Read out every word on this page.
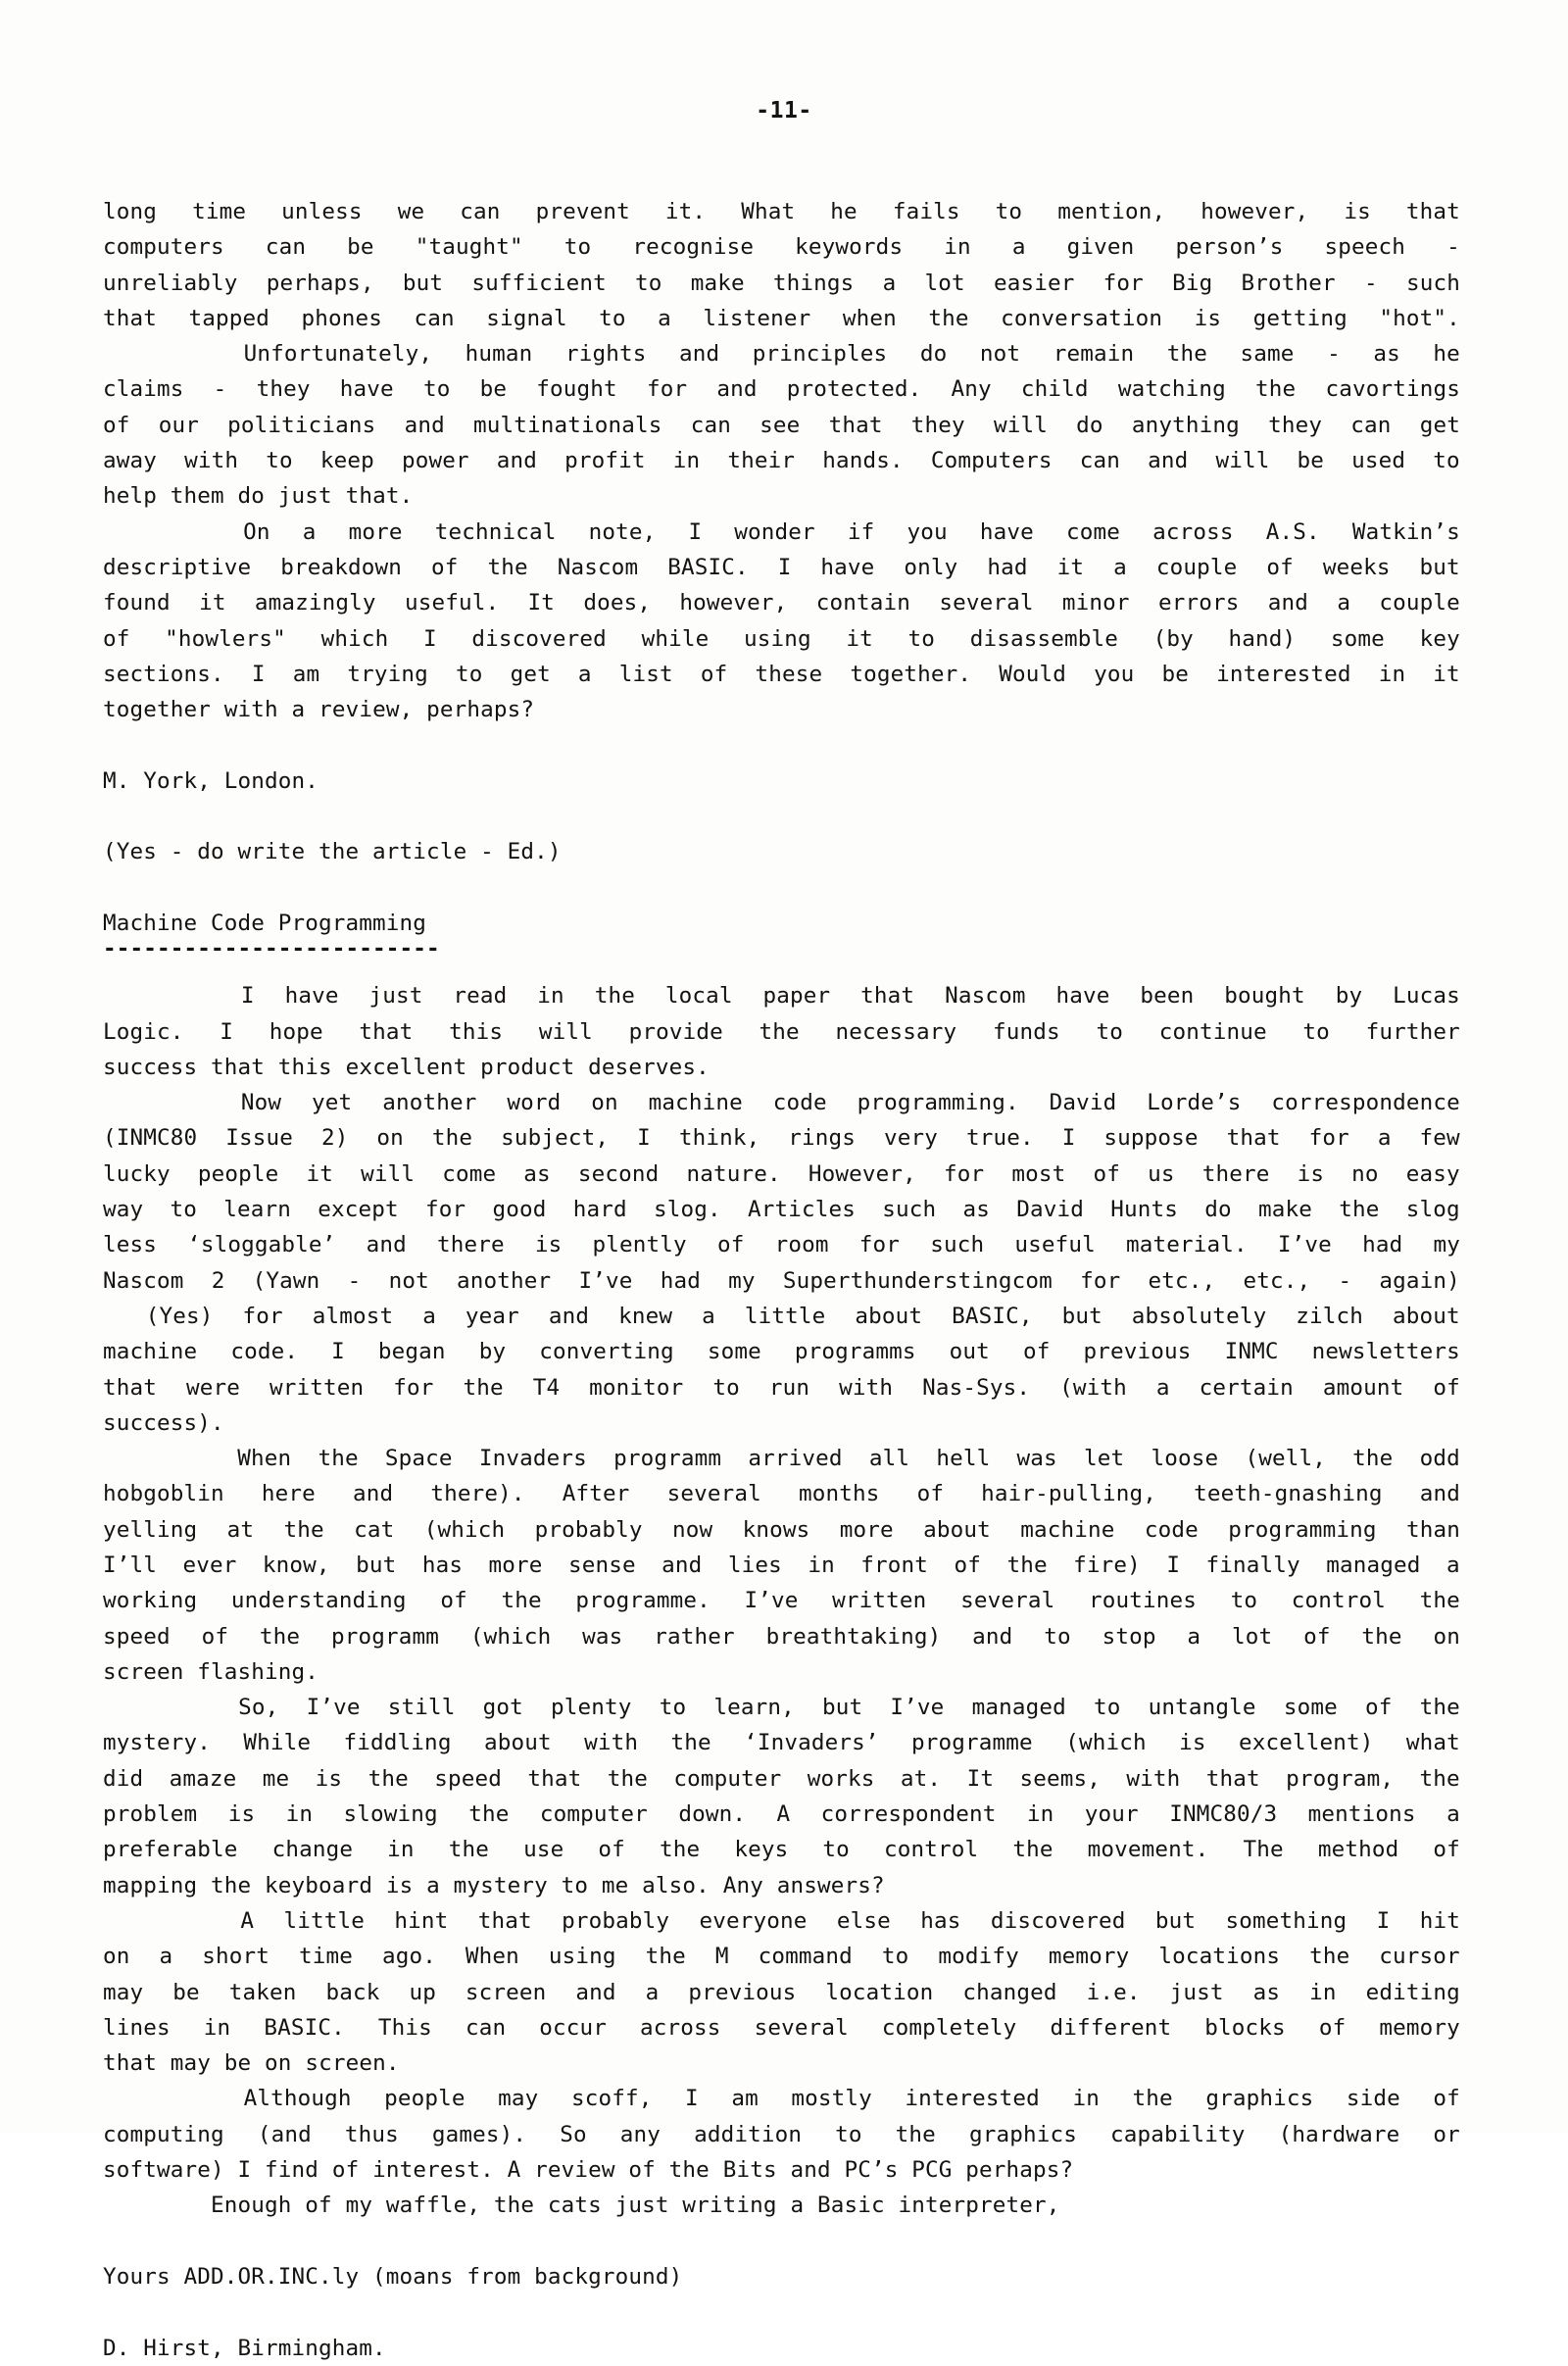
-11-
long time unless we can prevent it. What he fails to mention, however, is that
computers can be "taught" to recognise keywords in a given person’s speech -
unreliably perhaps, but sufficient to make things a lot easier for Big Brother - such
that tapped phones can signal to a listener when the conversation is getting "hot".

Unfortunately, human rights and principles do not remain the same - as he
claims - they have to be fought for and protected. Any child watching the cavortings
of our politicians and multinationals can see that they will do anything they can get
away with to keep power and profit in their hands. Computers can and will be used to
help them do just that.

On a more technical note, I wonder if you have come across A.S. Watkin’s
descriptive breakdown of the Nascom BASIC. I have only had it a couple of weeks but
found it amazingly useful. It does, however, contain several minor errors and a couple
of "howlers" which I discovered while using it to disassemble (by hand) some key
sections. I am trying to get a list of these together. Would you be interested in it
together with a review, perhaps?
M. York, London.
(Yes - do write the article - Ed.)
Machine Code Programming
-------------------------

I have just read in the local paper that Nascom have been bought by Lucas
Logic. I hope that this will provide the necessary funds to continue to further
success that this excellent product deserves.

Now yet another word on machine code programming. David Lorde’s correspondence
(INMC80 Issue 2) on the subject, I think, rings very true. I suppose that for a few
lucky people it will come as second nature. However, for most of us there is no easy
way to learn except for good hard slog. Articles such as David Hunts do make the slog
less ‘sloggable’ and there is plently of room for such useful material. I’ve had my
Nascom 2 (Yawn - not another I’ve had my Superthunderstingcom for etc., etc., - again)

(Yes) for almost a year and knew a little about BASIC, but absolutely zilch about
machine code. I began by converting some programms out of previous INMC newsletters
that were written for the T4 monitor to run with Nas-Sys. (with a certain amount of
success).

When the Space Invaders programm arrived all hell was let loose (well, the odd
hobgoblin here and there). After several months of hair-pulling, teeth-gnashing and
yelling at the cat (which probably now knows more about machine code programming than
I’ll ever know, but has more sense and lies in front of the fire) I finally managed a
working understanding of the programme. I’ve written several routines to control the
speed of the programm (which was rather breathtaking) and to stop a lot of the on
screen flashing.

So, I’ve still got plenty to learn, but I’ve managed to untangle some of the
mystery. While fiddling about with the ‘Invaders’ programme (which is excellent) what
did amaze me is the speed that the computer works at. It seems, with that program, the
problem is in slowing the computer down. A correspondent in your INMC80/3 mentions a
preferable change in the use of the keys to control the movement. The method of
mapping the keyboard is a mystery to me also. Any answers?

A little hint that probably everyone else has discovered but something I hit
on a short time ago. When using the M command to modify memory locations the cursor
may be taken back up screen and a previous location changed i.e. just as in editing
lines in BASIC. This can occur across several completely different blocks of memory
that may be on screen.

Although people may scoff, I am mostly interested in the graphics side of
computing (and thus games). So any addition to the graphics capability (hardware or
software) I find of interest. A review of the Bits and PC’s PCG perhaps?

Enough of my waffle, the cats just writing a Basic interpreter,
Yours ADD.OR.INC.ly (moans from background)
D. Hirst, Birmingham.
